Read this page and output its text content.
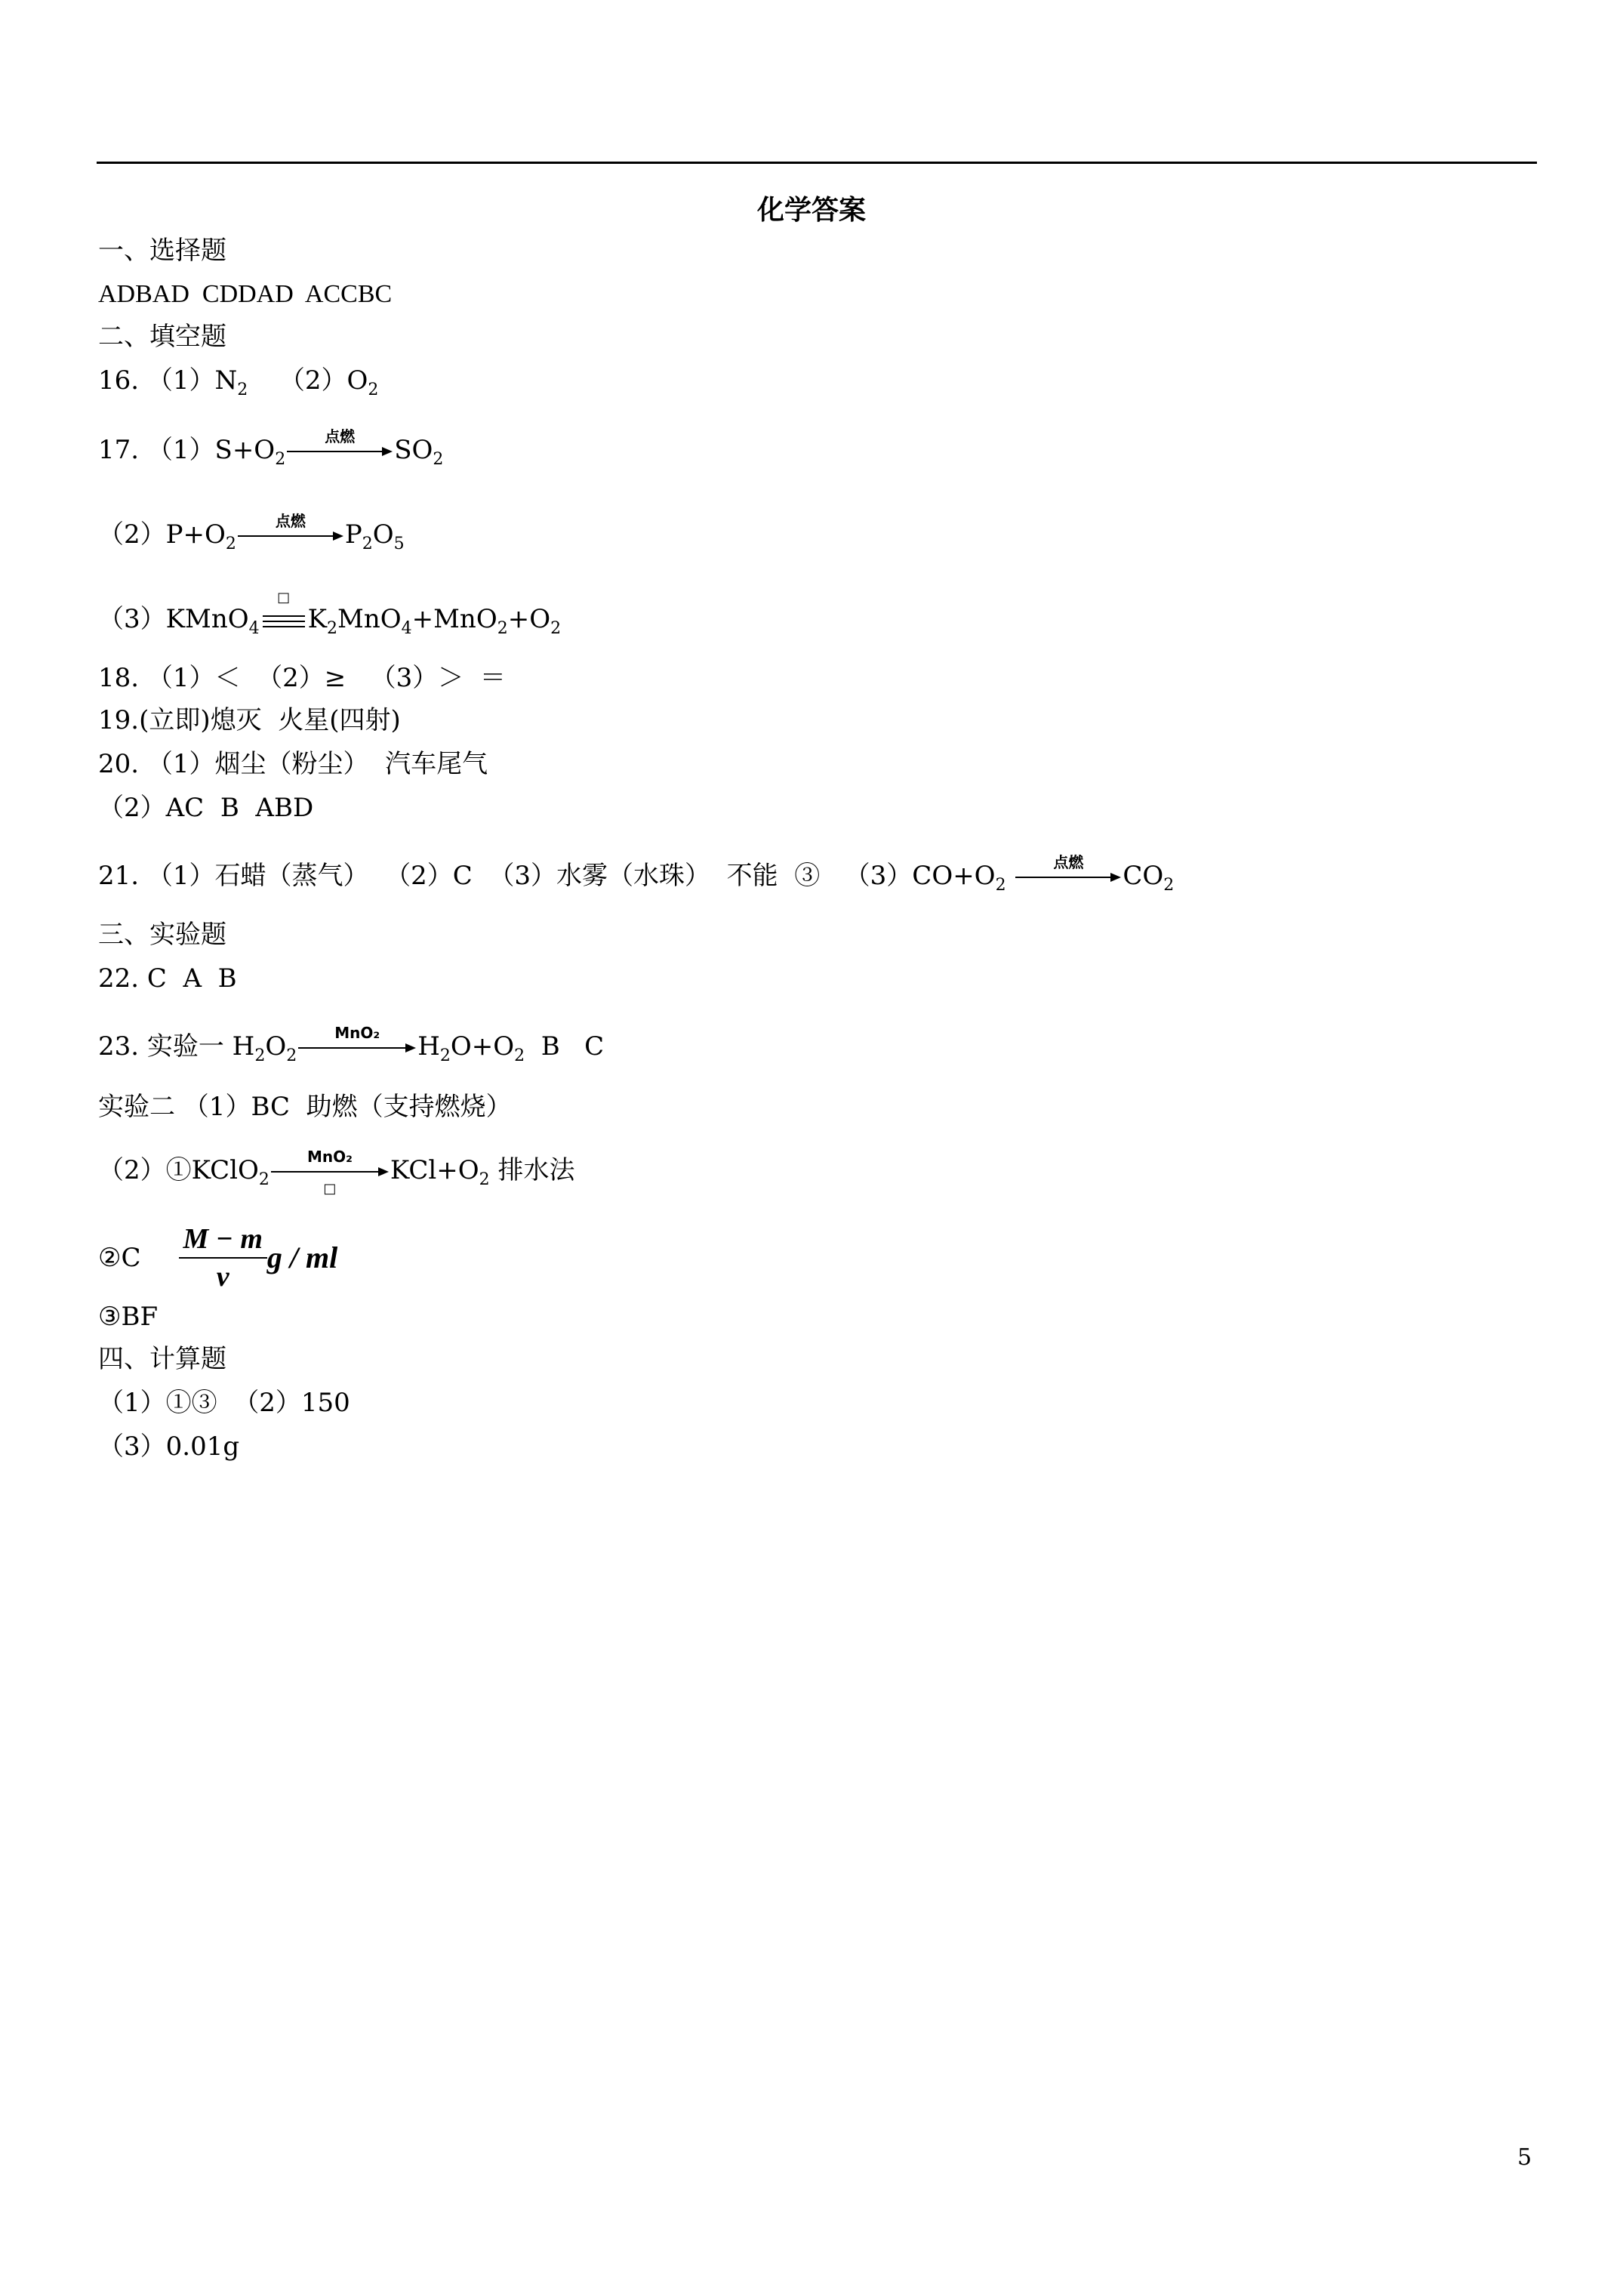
化学答案
一、选择题
ADBAD  CDDAD  ACCBC
二、填空题
16. $(1)N_2$ $(2)O_2$
17. $(1)S+O_2$
点燃	$SO_2$
$(2)P+O_2$
点燃	$P_2O_5$
（3）KMnO$_4$
□
$K_2MnO_4+MnO_2+O_2$
18. （1）＜  （2）≥   （3）＞  ＝
19.(立即)熄灭  火星(四射)
20. （1）烟尘（粉尘）  汽车尾气
（2）AC  B  ABD
21. （1）石蜡（蒸气）  （2）C  （3）水雾（水珠）  不能  ③   $(3)CO+O_2$
点燃	$CO_2$
三、实验题
22. C  A  B
23. 实验一 $H_2O_2$
MnO₂	$H_2O+O_2$  B   C
实验二 （1）BC  助燃（支持燃烧）
（2）①KClO$_2$
MnO₂
□
$KCl+O_2$ 排水法
②C $\frac{M - m}{v}$ g / ml
③BF
四、计算题
（1）①③  （2）150
（3）0.01g
5
